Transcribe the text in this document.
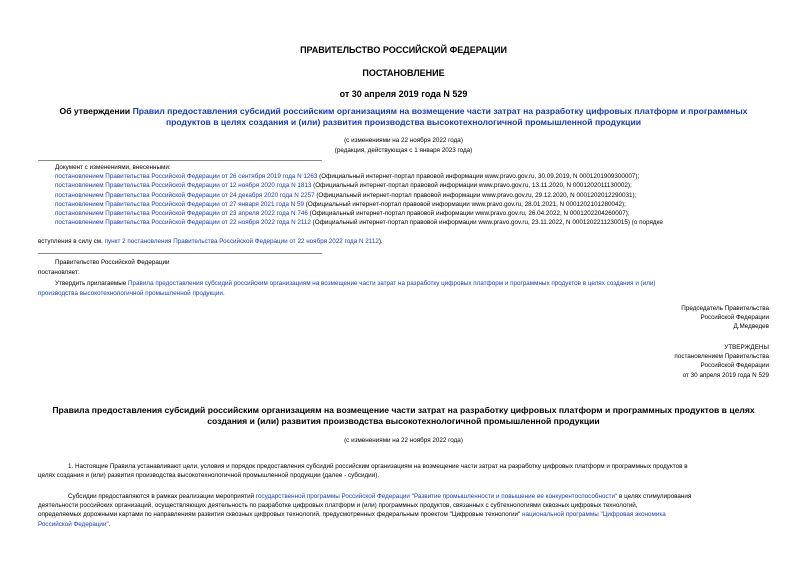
ПРАВИТЕЛЬСТВО РОССИЙСКОЙ ФЕДЕРАЦИИ
ПОСТАНОВЛЕНИЕ
от 30 апреля 2019 года N 529
Об утверждении Правил предоставления субсидий российским организациям на возмещение части затрат на разработку цифровых платформ и программных
продуктов в целях создания и (или) развития производства высокотехнологичной промышленной продукции
(с изменениями на 22 ноября 2022 года)
(редакция, действующая с 1 января 2023 года)
Документ с изменениями, внесенными:
постановлением Правительства Российской Федерации от 26 сентября 2019 года N 1263 (Официальный интернет-портал правовой информации www.pravo.gov.ru, 30.09.2019, N 0001201909300007);
постановлением Правительства Российской Федерации от 12 ноября 2020 года N 1813 (Официальный интернет-портал правовой информации www.pravo.gov.ru, 13.11.2020, N 0001202011130002);
постановлением Правительства Российской Федерации от 24 декабря 2020 года N 2257 (Официальный интернет-портал правовой информации www.pravo.gov.ru, 29.12.2020, N 0001202012290031);
постановлением Правительства Российской Федерации от 27 января 2021 года N 59 (Официальный интернет-портал правовой информации www.pravo.gov.ru, 28.01.2021, N 0001202101280042);
постановлением Правительства Российской Федерации от 23 апреля 2022 года N 746 (Официальный интернет-портал правовой информации www.pravo.gov.ru, 26.04.2022, N 0001202204260007);
постановлением Правительства Российской Федерации от 22 ноября 2022 года N 2112 (Официальный интернет-портал правовой информации www.pravo.gov.ru, 23.11.2022, N 0001202211230015) (о порядке
вступления в силу см. пункт 2 постановления Правительства Российской Федерации от 22 ноября 2022 года N 2112).
Правительство Российской Федерации
постановляет:
Утвердить прилагаемые Правила предоставления субсидий российским организациям на возмещение части затрат на разработку цифровых платформ и программных продуктов в целях создания и (или)
производства высокотехнологичной промышленной продукции.
Председатель Правительства
Российской Федерации
Д.Медведев
УТВЕРЖДЕНЫ
постановлением Правительства
Российской Федерации
от 30 апреля 2019 года N 529
Правила предоставления субсидий российским организациям на возмещение части затрат на разработку цифровых платформ и программных продуктов в целях
создания и (или) развития производства высокотехнологичной промышленной продукции
(с изменениями на 22 ноября 2022 года)
1. Настоящие Правила устанавливают цели, условия и порядок предоставления субсидий российским организациям на возмещение части затрат на разработку цифровых платформ и программных продуктов в
целях создания и (или) развития производства высокотехнологичной промышленной продукции (далее - субсидии).
Субсидии предоставляются в рамках реализации мероприятий государственной программы Российской Федерации "Развитие промышленности и повышение ее конкурентоспособности" в целях стимулирования
деятельности российских организаций, осуществляющих деятельность по разработке цифровых платформ и (или) программных продуктов, связанных с субтехнологиями сквозных цифровых технологий,
определяемых дорожными картами по направлениям развития сквозных цифровых технологий, предусмотренных федеральным проектом "Цифровые технологии" национальной программы "Цифровая экономика
Российской Федерации".
